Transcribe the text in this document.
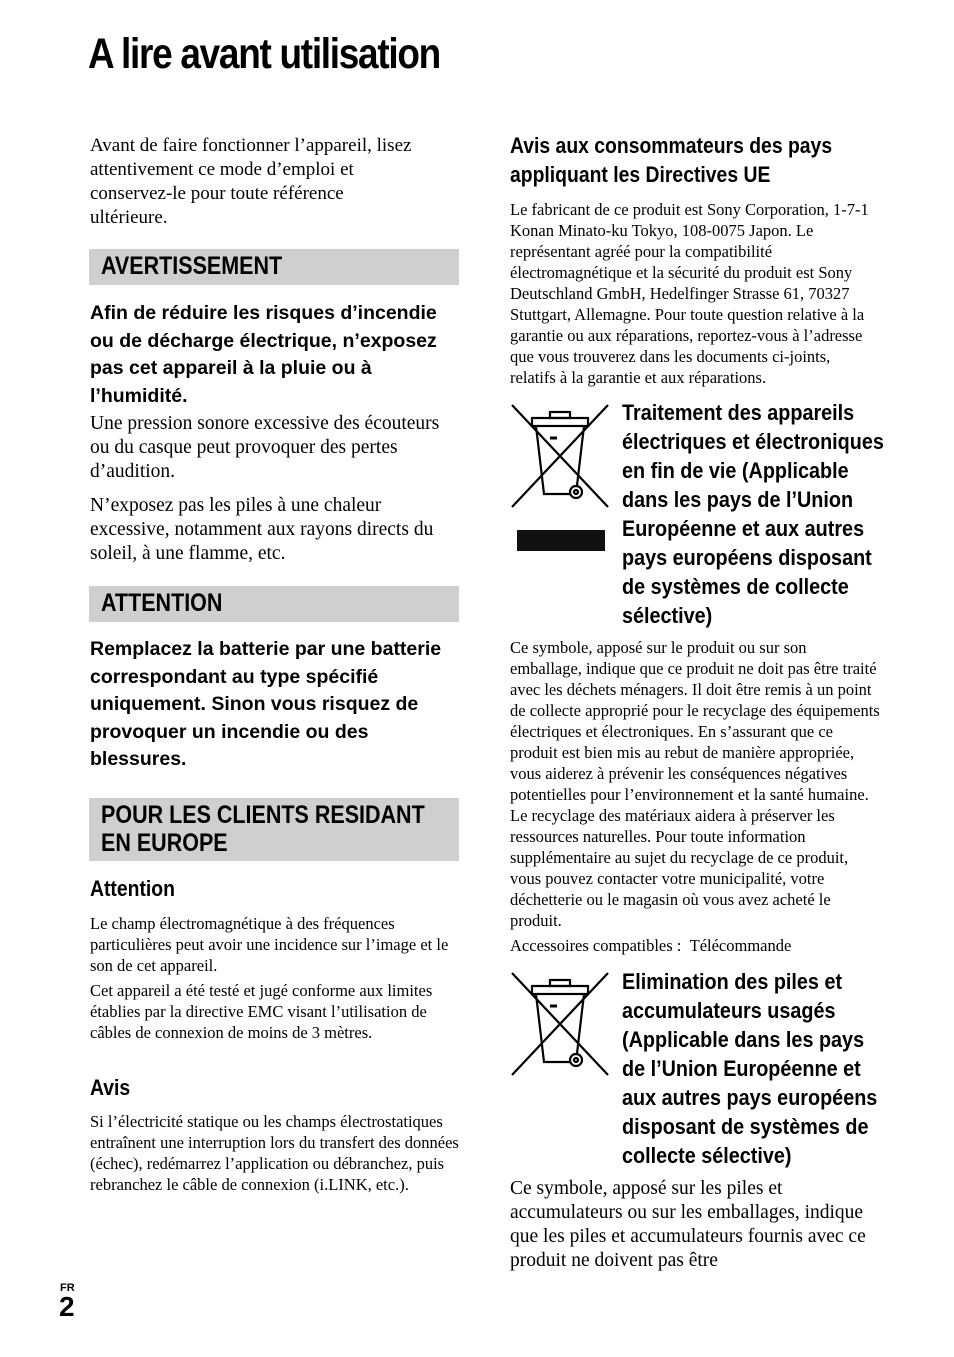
A lire avant utilisation

Avant de faire fonctionner l’appareil, lisez attentivement ce mode d’emploi et conservez-le pour toute référence ultérieure.

AVERTISSEMENT

Afin de réduire les risques d’incendie ou de décharge électrique, n’exposez pas cet appareil à la pluie ou à l’humidité.

Une pression sonore excessive des écouteurs ou du casque peut provoquer des pertes d’audition.

N’exposez pas les piles à une chaleur excessive, notamment aux rayons directs du soleil, à une flamme, etc.

ATTENTION

Remplacez la batterie par une batterie correspondant au type spécifié uniquement. Sinon vous risquez de provoquer un incendie ou des blessures.

POUR LES CLIENTS RESIDANT
EN EUROPE
Attention

Le champ électromagnétique à des fréquences particulières peut avoir une incidence sur l’image et le son de cet appareil.

Cet appareil a été testé et jugé conforme aux limites établies par la directive EMC visant l’utilisation de câbles de connexion de moins de 3 mètres.

Avis

Si l’électricité statique ou les champs électrostatiques entraînent une interruption lors du transfert des données (échec), redémarrez l’application ou débranchez, puis rebranchez le câble de connexion (i.LINK, etc.).

Avis aux consommateurs des pays
appliquant les Directives UE

Le fabricant de ce produit est Sony Corporation, 1-7-1 Konan Minato-ku Tokyo, 108-0075 Japon. Le représentant agréé pour la compatibilité électromagnétique et la sécurité du produit est Sony Deutschland GmbH, Hedelfinger Strasse 61, 70327 Stuttgart, Allemagne. Pour toute question relative à la garantie ou aux réparations, reportez-vous à l’adresse que vous trouverez dans les documents ci-joints, relatifs à la garantie et aux réparations.

Traitement des appareils
électriques et électroniques
en fin de vie (Applicable
dans les pays de l’Union
Européenne et aux autres
pays européens disposant
de systèmes de collecte
sélective)

Ce symbole, apposé sur le produit ou sur son emballage, indique que ce produit ne doit pas être traité avec les déchets ménagers. Il doit être remis à un point de collecte approprié pour le recyclage des équipements électriques et électroniques. En s’assurant que ce produit est bien mis au rebut de manière appropriée, vous aiderez à prévenir les conséquences négatives potentielles pour l’environnement et la santé humaine. Le recyclage des matériaux aidera à préserver les ressources naturelles. Pour toute information supplémentaire au sujet du recyclage de ce produit, vous pouvez contacter votre municipalité, votre déchetterie ou le magasin où vous avez acheté le produit.

Accessoires compatibles : Télécommande

Elimination des piles et
accumulateurs usagés
(Applicable dans les pays
de l’Union Européenne et
aux autres pays européens
disposant de systèmes de
collecte sélective)

Ce symbole, apposé sur les piles et accumulateurs ou sur les emballages, indique que les piles et accumulateurs fournis avec ce produit ne doivent pas être

FR
2
